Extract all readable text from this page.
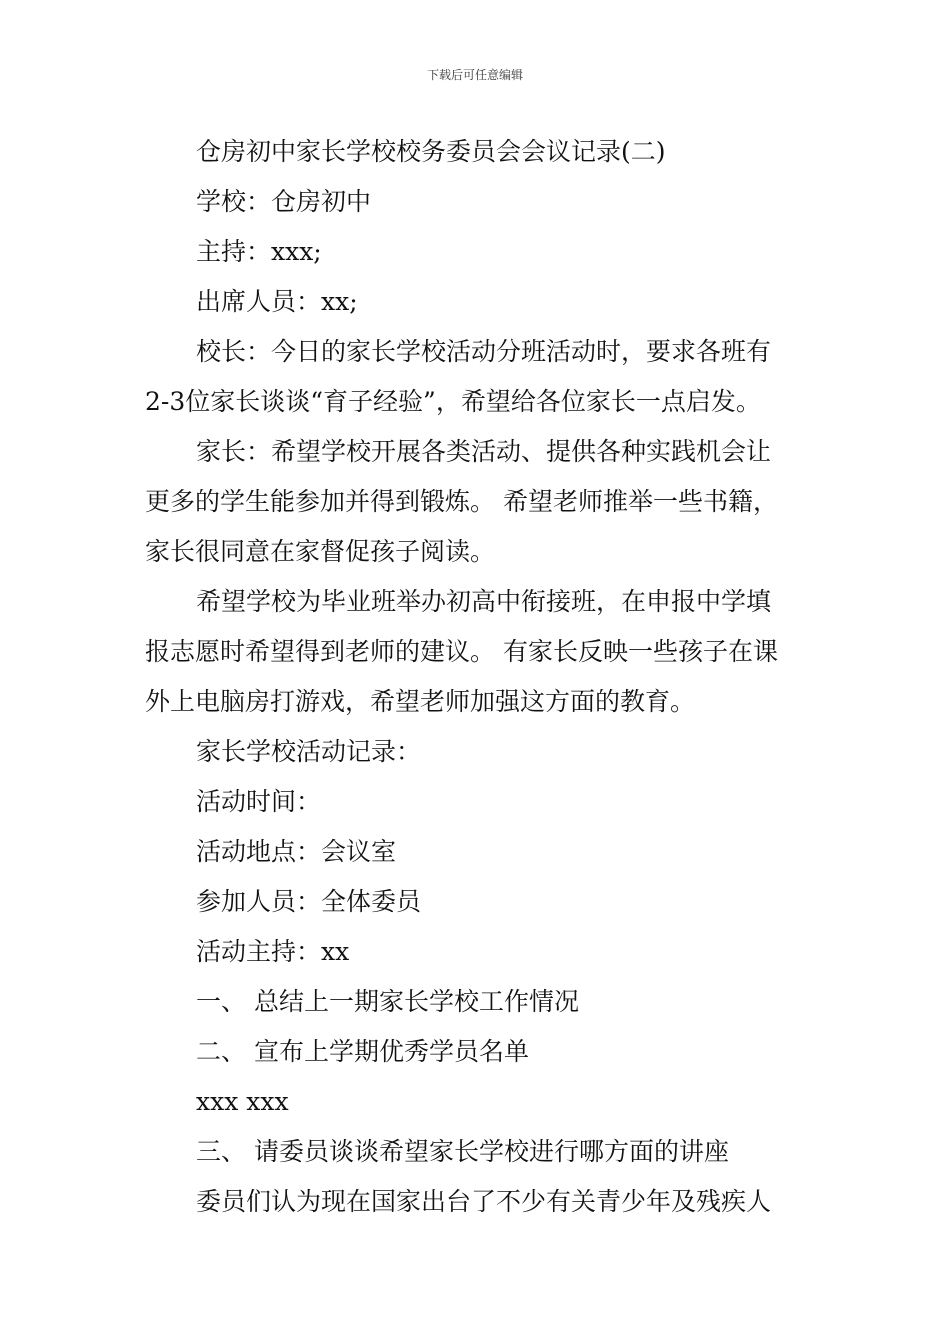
下载后可任意编辑

仓房初中家长学校校务委员会会议记录(二)

学校：仓房初中

主持：xxx;

出席人员：xx;

校长：今日的家长学校活动分班活动时，要求各班有

2-3位家长谈谈“育子经验”，希望给各位家长一点启发。

家长：希望学校开展各类活动、提供各种实践机会让

更多的学生能参加并得到锻炼。 希望老师推举一些书籍，

家长很同意在家督促孩子阅读。

希望学校为毕业班举办初高中衔接班，在申报中学填

报志愿时希望得到老师的建议。 有家长反映一些孩子在课

外上电脑房打游戏，希望老师加强这方面的教育。

家长学校活动记录：

活动时间：

活动地点：会议室

参加人员：全体委员

活动主持：xx

一、 总结上一期家长学校工作情况

二、 宣布上学期优秀学员名单

xxx xxx

三、 请委员谈谈希望家长学校进行哪方面的讲座

委员们认为现在国家出台了不少有关青少年及残疾人
